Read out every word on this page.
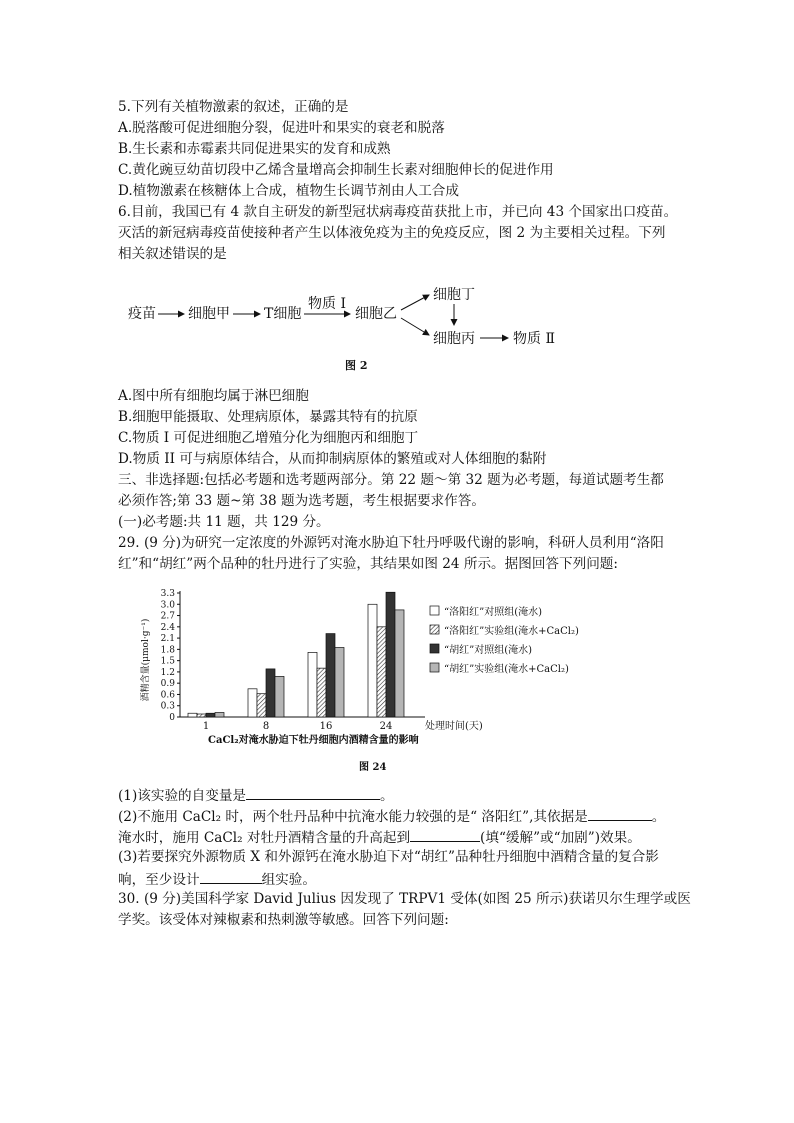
5.下列有关植物激素的叙述，正确的是
A.脱落酸可促进细胞分裂，促进叶和果实的衰老和脱落
B.生长素和赤霉素共同促进果实的发育和成熟
C.黄化豌豆幼苗切段中乙烯含量增高会抑制生长素对细胞伸长的促进作用
D.植物激素在核糖体上合成，植物生长调节剂由人工合成
6.目前，我国已有 4 款自主研发的新型冠状病毒疫苗获批上市，并已向 43 个国家出口疫苗。
灭活的新冠病毒疫苗使接种者产生以体液免疫为主的免疫反应，图 2 为主要相关过程。下列
相关叙述错误的是
疫苗 细胞甲 T细胞
物质 I
细胞乙
细胞丁
细胞丙	物质 Ⅱ
图 2
A.图中所有细胞均属于淋巴细胞
B.细胞甲能摄取、处理病原体，暴露其特有的抗原
C.物质 I 可促进细胞乙增殖分化为细胞丙和细胞丁
D.物质 II 可与病原体结合，从而抑制病原体的繁殖或对人体细胞的黏附
三、非选择题:包括必考题和选考题两部分。第 22 题～第 32 题为必考题，每道试题考生都
必须作答;第 33 题~第 38 题为选考题，考生根据要求作答。
(一)必考题:共 11 题，共 129 分。
29. (9 分)为研究一定浓度的外源钙对淹水胁迫下牡丹呼吸代谢的影响，科研人员利用“洛阳
红”和“胡红”两个品种的牡丹进行了实验，其结果如图 24 所示。据图回答下列问题:
0
0.3
0.6
0.9
1.2
1.5
1.8
2.1
2.4
2.7
3.0
3.3
1	8	16	24
“洛阳红”对照组(淹水)
“洛阳红”实验组(淹水+CaCl₂)
“胡红”对照组(淹水)
“胡红”实验组(淹水+CaCl₂)
酒精含量(μmol·g⁻¹)
处理时间(天)
CaCl₂对淹水胁迫下牡丹细胞内酒精含量的影响
图 24
(1)该实验的自变量是	。
(2)不施用 CaCl₂ 时，两个牡丹品种中抗淹水能力较强的是“ 洛阳红”,其依据是	。
淹水时，施用 CaCl₂ 对牡丹酒精含量的升高起到	(填“缓解”或“加剧”)效果。
(3)若要探究外源物质 X 和外源钙在淹水胁迫下对“胡红”品种牡丹细胞中酒精含量的复合影
响，至少设计	组实验。
30. (9 分)美国科学家 David Julius 因发现了 TRPV1 受体(如图 25 所示)获诺贝尔生理学或医
学奖。该受体对辣椒素和热刺激等敏感。回答下列问题:
